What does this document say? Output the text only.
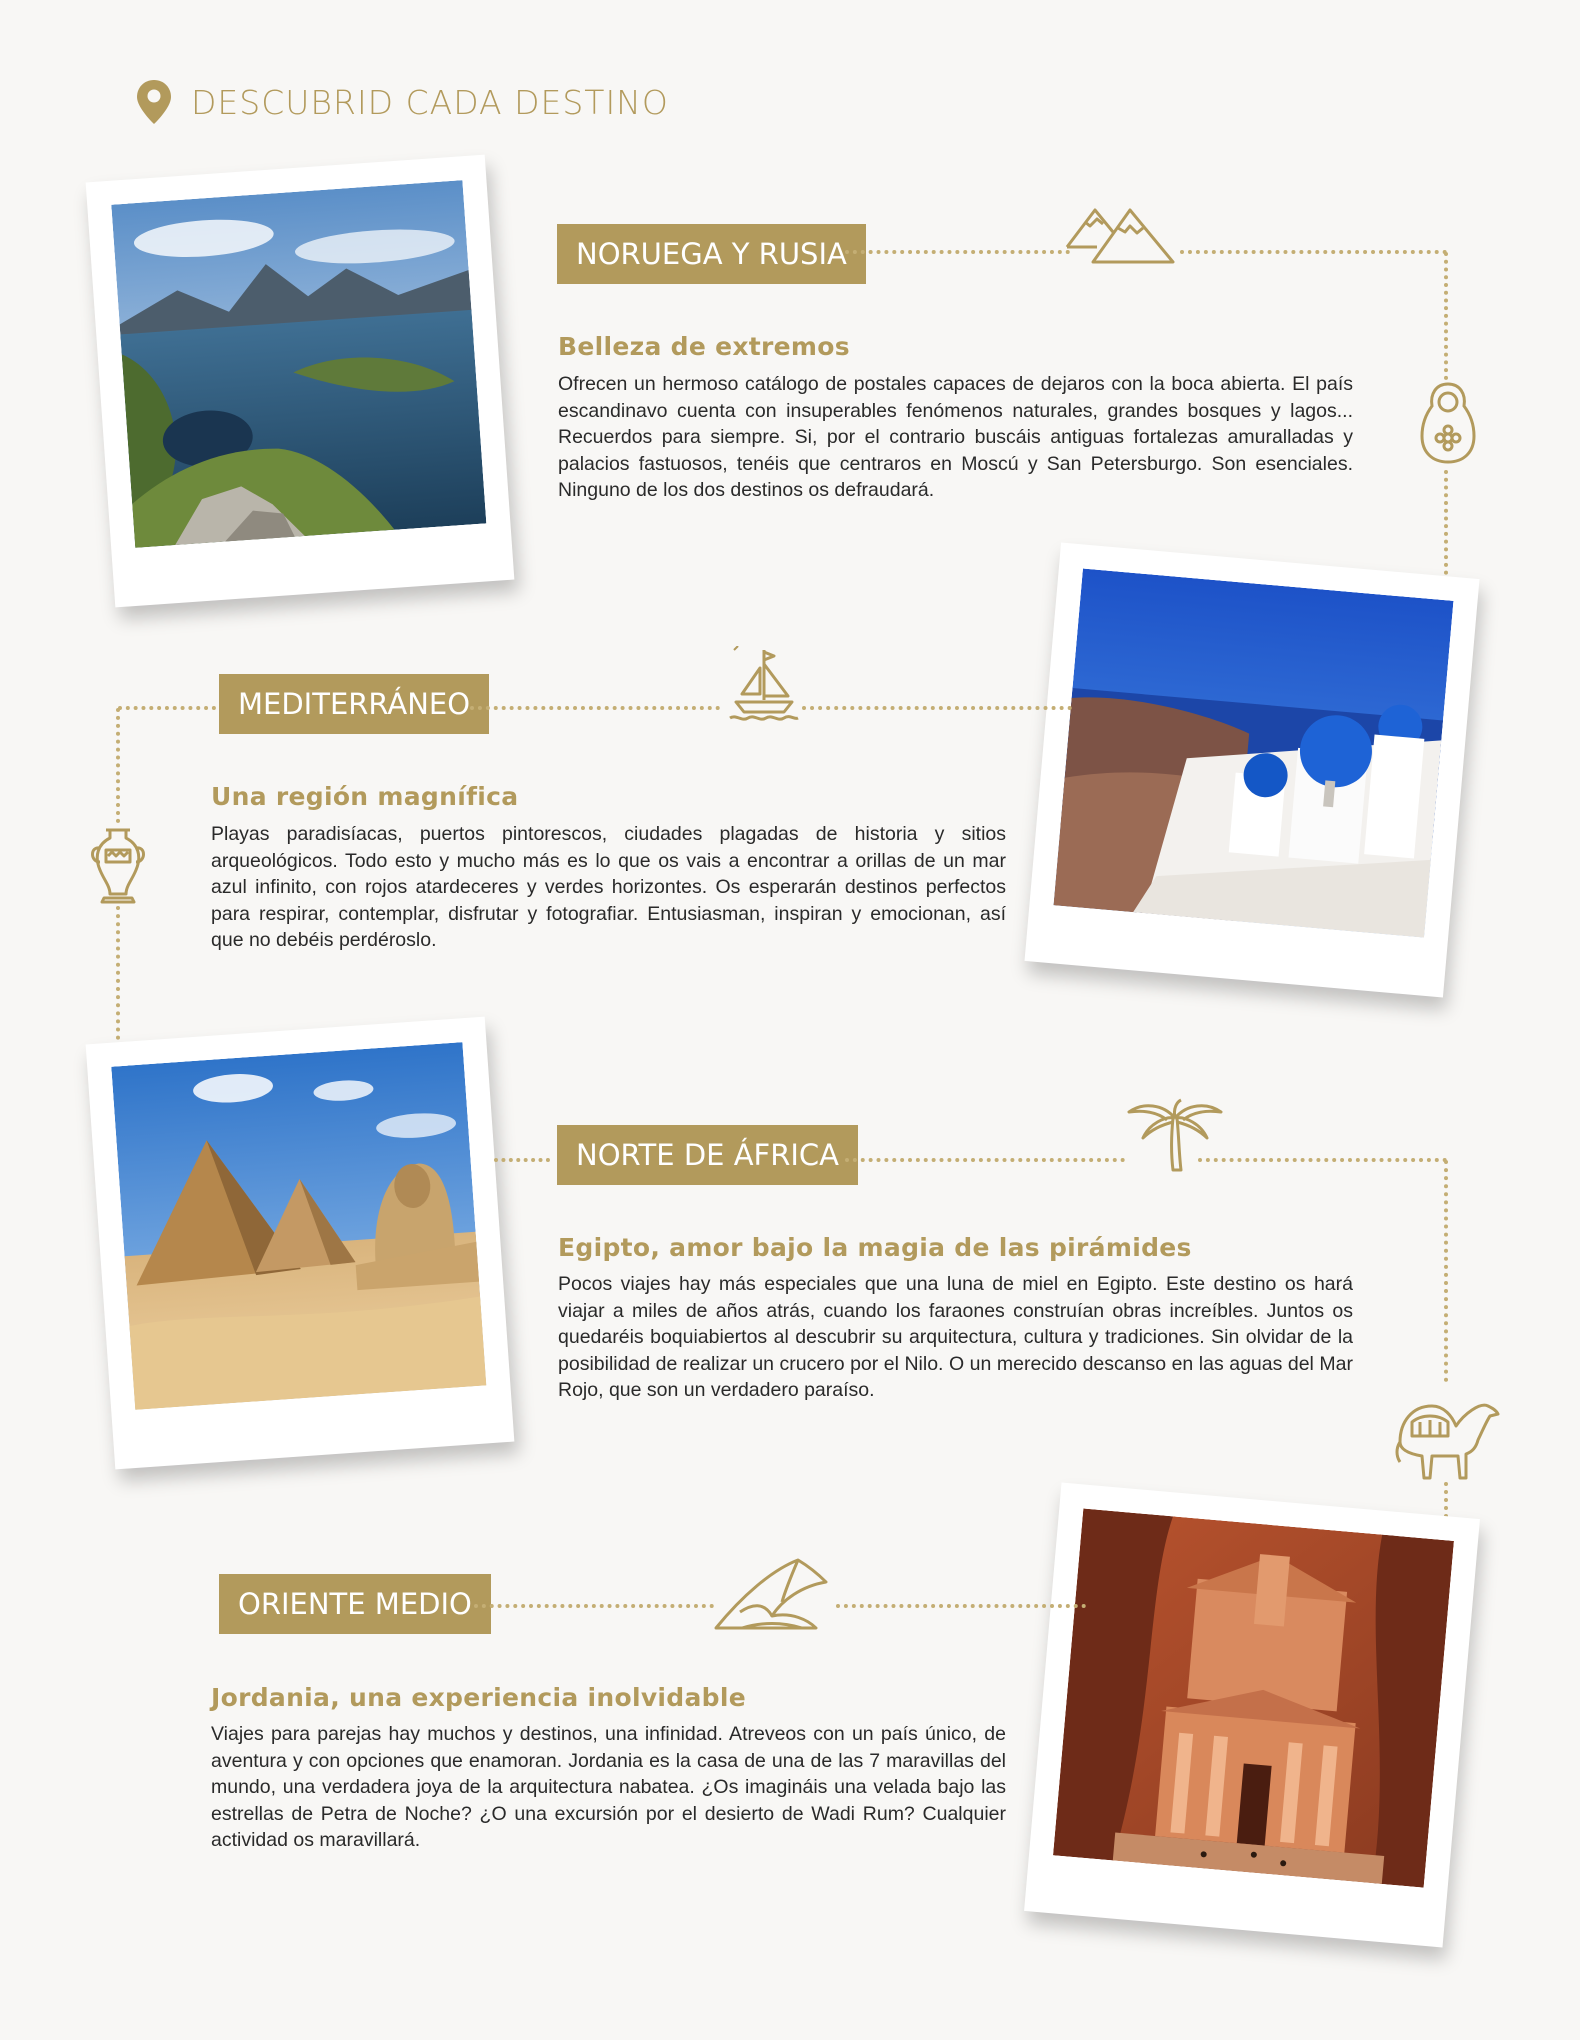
DESCUBRID CADA DESTINO
NORUEGA Y RUSIA
Belleza de extremos
Ofrecen un hermoso catálogo de postales capaces de dejaros con la boca abierta. El país escandinavo cuenta con insuperables fenómenos naturales, grandes bosques y lagos... Recuerdos para siempre. Si, por el contrario buscáis antiguas fortalezas amuralladas y palacios fastuosos, tenéis que centraros en Moscú y San Petersburgo. Son esenciales. Ninguno de los dos destinos os defraudará.
MEDITERRÁNEO
Una región magnífica
Playas paradisíacas, puertos pintorescos, ciudades plagadas de historia y sitios arqueológicos. Todo esto y mucho más es lo que os vais a encontrar a orillas de un mar azul infinito, con rojos atardeceres y verdes horizontes. Os esperarán destinos perfectos para respirar, contemplar, disfrutar y fotografiar. Entusiasman, inspiran y emocionan, así que no debéis perdéroslo.
NORTE DE ÁFRICA
Egipto, amor bajo la magia de las pirámides
Pocos viajes hay más especiales que una luna de miel en Egipto. Este destino os hará viajar a miles de años atrás, cuando los faraones construían obras increíbles. Juntos os quedaréis boquiabiertos al descubrir su arquitectura, cultura y tradiciones. Sin olvidar de la posibilidad de realizar un crucero por el Nilo. O un merecido descanso en las aguas del Mar Rojo, que son un verdadero paraíso.
ORIENTE MEDIO
Jordania, una experiencia inolvidable
Viajes para parejas hay muchos y destinos, una infinidad. Atreveos con un país único, de aventura y con opciones que enamoran. Jordania es la casa de una de las 7 maravillas del mundo, una verdadera joya de la arquitectura nabatea. ¿Os imagináis una velada bajo las estrellas de Petra de Noche? ¿O una excursión por el desierto de Wadi Rum? Cualquier actividad os maravillará.
